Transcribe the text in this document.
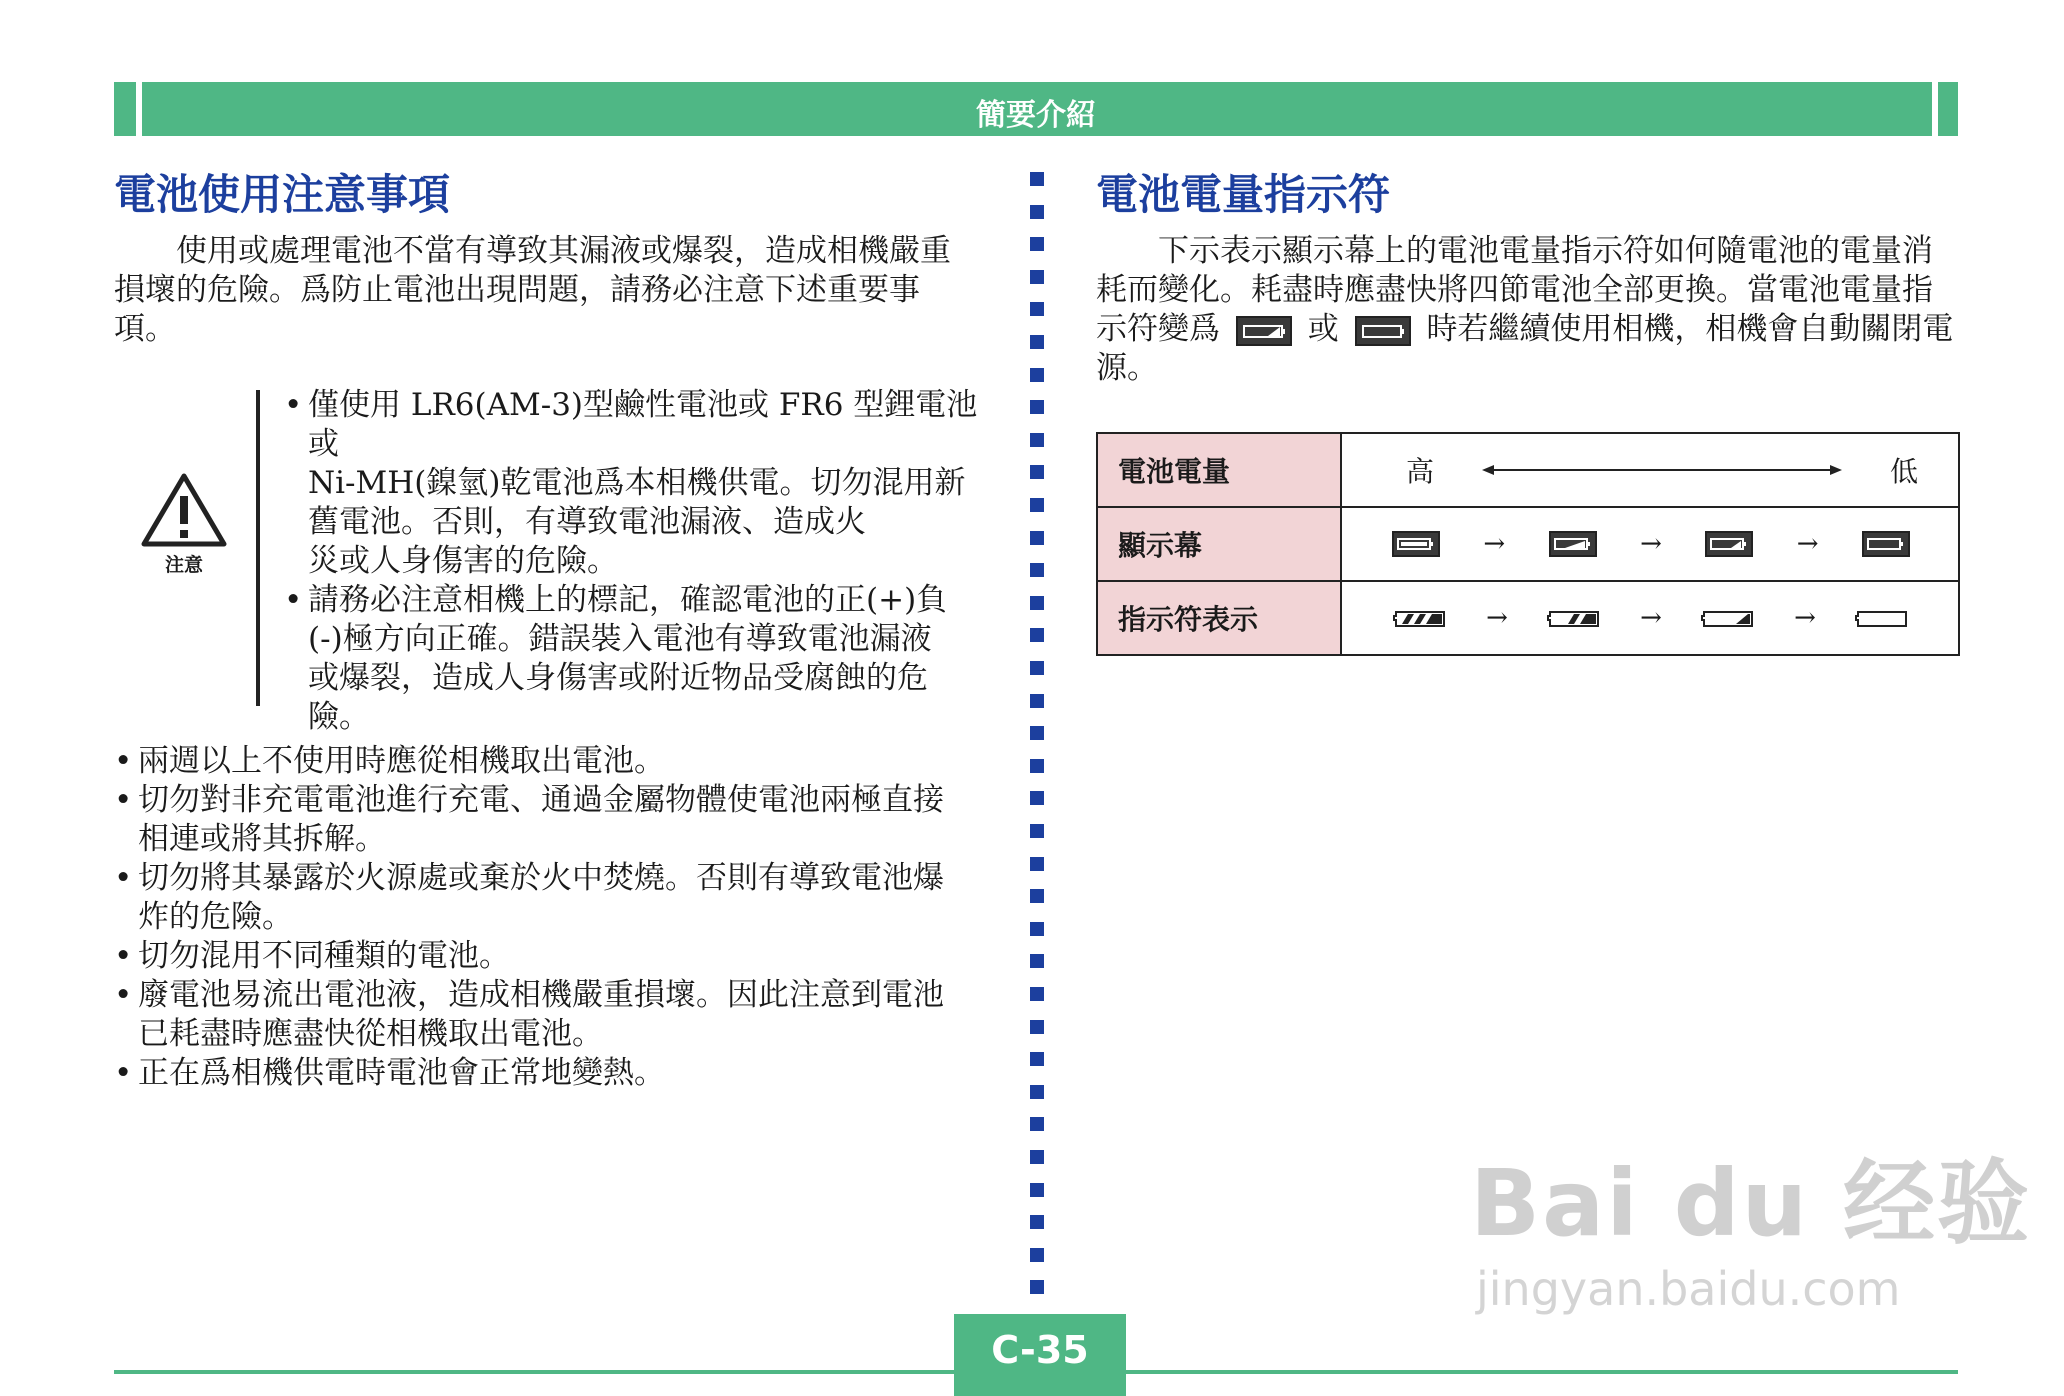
簡要介紹
電池使用注意事項
　　使用或處理電池不當有導致其漏液或爆裂，造成相機嚴重
損壞的危險。爲防止電池出現問題，請務必注意下述重要事
項。
注意
• 僅使用 LR6(AM-3)型鹼性電池或 FR6 型鋰電池或
Ni-MH(鎳氫)乾電池爲本相機供電。切勿混用新
舊電池。否則，有導致電池漏液、造成火
災或人身傷害的危險。
• 請務必注意相機上的標記，確認電池的正(+)負
(-)極方向正確。錯誤裝入電池有導致電池漏液
或爆裂，造成人身傷害或附近物品受腐蝕的危
險。
• 兩週以上不使用時應從相機取出電池。
• 切勿對非充電電池進行充電、通過金屬物體使電池兩極直接
相連或將其拆解。
• 切勿將其暴露於火源處或棄於火中焚燒。否則有導致電池爆
炸的危險。
• 切勿混用不同種類的電池。
• 廢電池易流出電池液，造成相機嚴重損壞。因此注意到電池
已耗盡時應盡快從相機取出電池。
• 正在爲相機供電時電池會正常地變熱。
電池電量指示符
　　下示表示顯示幕上的電池電量指示符如何隨電池的電量消
耗而變化。耗盡時應盡快將四節電池全部更換。當電池電量指
示符變爲	或	時若繼續使用相機，相機會自動關閉電
源。
電池電量	高 低

顯示幕	→ → →

指示符表示	→ → →
Bai du 经验
jingyan.baidu.com
C-35
